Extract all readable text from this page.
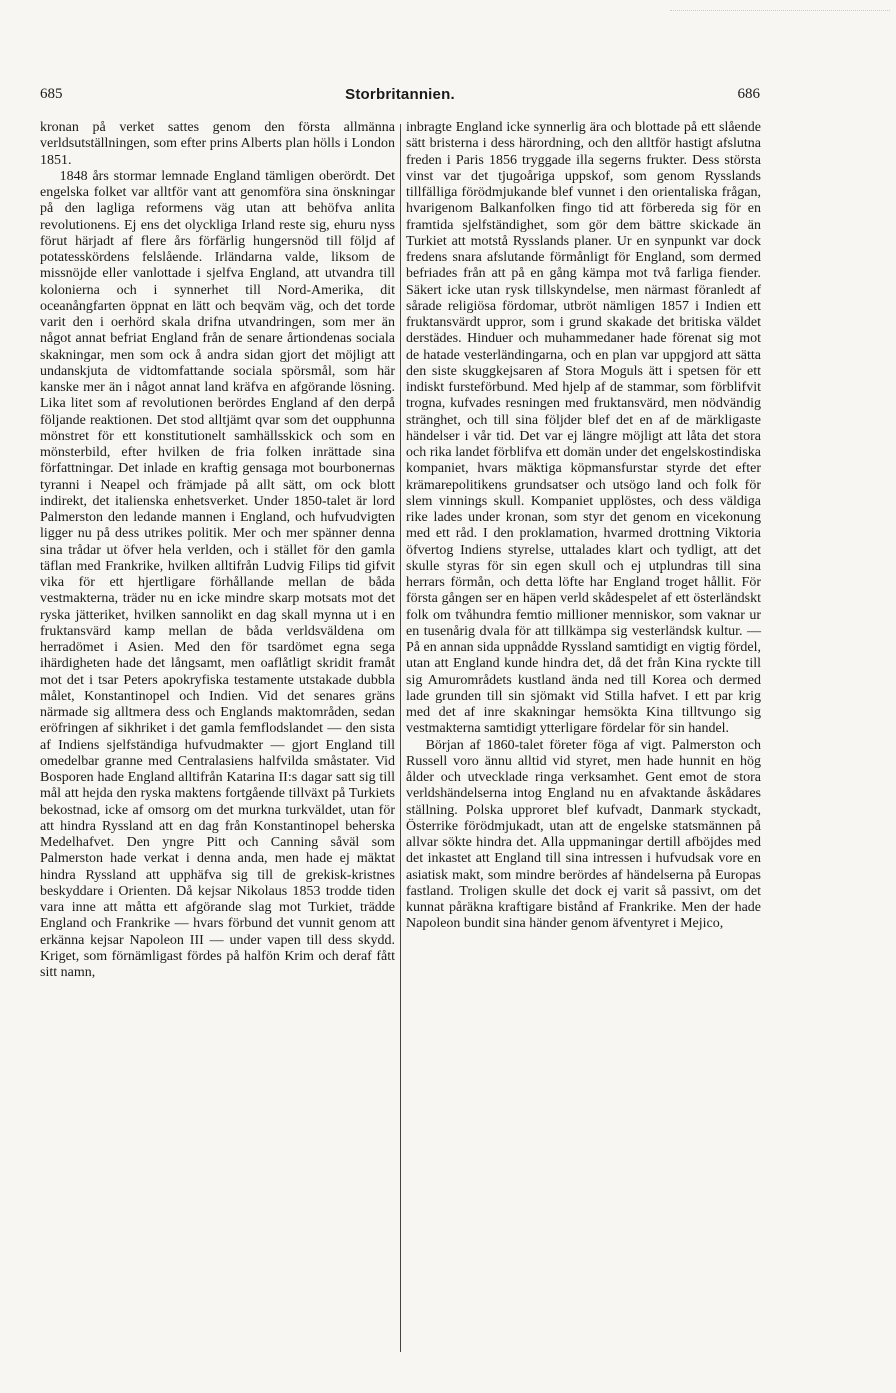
685	Storbritannien.	686

kronan på verket sattes genom den första allmänna verldsutställningen, som efter prins Alberts plan hölls i London 1851.

1848 års stormar lemnade England tämligen oberördt. Det engelska folket var alltför vant att genomföra sina önskningar på den lagliga reformens väg utan att behöfva anlita revolutionens. Ej ens det olyckliga Irland reste sig, ehuru nyss förut härjadt af flere års förfärlig hungersnöd till följd af potatesskördens felslående. Irländarna valde, liksom de missnöjde eller vanlottade i sjelfva England, att utvandra till kolonierna och i synnerhet till Nord-Amerika, dit oceanångfarten öppnat en lätt och beqväm väg, och det torde varit den i oerhörd skala drifna utvandringen, som mer än något annat befriat England från de senare årtiondenas sociala skakningar, men som ock å andra sidan gjort det möjligt att undanskjuta de vidtomfattande sociala spörsmål, som här kanske mer än i något annat land kräfva en afgörande lösning. Lika litet som af revolutionen berördes England af den derpå följande reaktionen. Det stod alltjämt qvar som det oupphunna mönstret för ett konstitutionelt samhällsskick och som en mönsterbild, efter hvilken de fria folken inrättade sina författningar. Det inlade en kraftig gensaga mot bourbonernas tyranni i Neapel och främjade på allt sätt, om ock blott indirekt, det italienska enhetsverket. Under 1850-talet är lord Palmerston den ledande mannen i England, och hufvudvigten ligger nu på dess utrikes politik. Mer och mer spänner denna sina trådar ut öfver hela verlden, och i stället för den gamla täflan med Frankrike, hvilken alltifrån Ludvig Filips tid gifvit vika för ett hjertligare förhållande mellan de båda vestmakterna, träder nu en icke mindre skarp motsats mot det ryska jätteriket, hvilken sannolikt en dag skall mynna ut i en fruktansvärd kamp mellan de båda verldsväldena om herradömet i Asien. Med den för tsardömet egna sega ihärdigheten hade det långsamt, men oaflåtligt skridit framåt mot det i tsar Peters apokryfiska testamente utstakade dubbla målet, Konstantinopel och Indien. Vid det senares gräns närmade sig alltmera dess och Englands maktområden, sedan eröfringen af sikhriket i det gamla femflodslandet — den sista af Indiens sjelfständiga hufvudmakter — gjort England till omedelbar granne med Centralasiens halfvilda småstater. Vid Bosporen hade England alltifrån Katarina II:s dagar satt sig till mål att hejda den ryska maktens fortgående tillväxt på Turkiets bekostnad, icke af omsorg om det murkna turkväldet, utan för att hindra Ryssland att en dag från Konstantinopel beherska Medelhafvet. Den yngre Pitt och Canning såväl som Palmerston hade verkat i denna anda, men hade ej mäktat hindra Ryssland att upphäfva sig till de grekisk-kristnes beskyddare i Orienten. Då kejsar Nikolaus 1853 trodde tiden vara inne att måtta ett afgörande slag mot Turkiet, trädde England och Frankrike — hvars förbund det vunnit genom att erkänna kejsar Napoleon III — under vapen till dess skydd. Kriget, som förnämligast fördes på halfön Krim och deraf fått sitt namn,

inbragte England icke synnerlig ära och blottade på ett slående sätt bristerna i dess härordning, och den alltför hastigt afslutna freden i Paris 1856 tryggade illa segerns frukter. Dess största vinst var det tjugoåriga uppskof, som genom Rysslands tillfälliga förödmjukande blef vunnet i den orientaliska frågan, hvarigenom Balkanfolken fingo tid att förbereda sig för en framtida sjelfständighet, som gör dem bättre skickade än Turkiet att motstå Rysslands planer. Ur en synpunkt var dock fredens snara afslutande förmånligt för England, som dermed befriades från att på en gång kämpa mot två farliga fiender. Säkert icke utan rysk tillskyndelse, men närmast föranledt af sårade religiösa fördomar, utbröt nämligen 1857 i Indien ett fruktansvärdt uppror, som i grund skakade det britiska väldet derstädes. Hinduer och muhammedaner hade förenat sig mot de hatade vesterländingarna, och en plan var uppgjord att sätta den siste skuggkejsaren af Stora Moguls ätt i spetsen för ett indiskt fursteförbund. Med hjelp af de stammar, som förblifvit trogna, kufvades resningen med fruktansvärd, men nödvändig stränghet, och till sina följder blef det en af de märkligaste händelser i vår tid. Det var ej längre möjligt att låta det stora och rika landet förblifva ett domän under det engelskostindiska kompaniet, hvars mäktiga köpmansfurstar styrde det efter krämarepolitikens grundsatser och utsögo land och folk för slem vinnings skull. Kompaniet upplöstes, och dess väldiga rike lades under kronan, som styr det genom en vicekonung med ett råd. I den proklamation, hvarmed drottning Viktoria öfvertog Indiens styrelse, uttalades klart och tydligt, att det skulle styras för sin egen skull och ej utplundras till sina herrars förmån, och detta löfte har England troget hållit. För första gången ser en häpen verld skådespelet af ett österländskt folk om tvåhundra femtio millioner menniskor, som vaknar ur en tusenårig dvala för att tillkämpa sig vesterländsk kultur. — På en annan sida uppnådde Ryssland samtidigt en vigtig fördel, utan att England kunde hindra det, då det från Kina ryckte till sig Amurområdets kustland ända ned till Korea och dermed lade grunden till sin sjömakt vid Stilla hafvet. I ett par krig med det af inre skakningar hemsökta Kina tilltvungo sig vestmakterna samtidigt ytterligare fördelar för sin handel.

Början af 1860-talet företer föga af vigt. Palmerston och Russell voro ännu alltid vid styret, men hade hunnit en hög ålder och utvecklade ringa verksamhet. Gent emot de stora verldshändelserna intog England nu en afvaktande åskådares ställning. Polska upproret blef kufvadt, Danmark styckadt, Österrike förödmjukadt, utan att de engelske statsmännen på allvar sökte hindra det. Alla uppmaningar dertill afböjdes med det inkastet att England till sina intressen i hufvudsak vore en asiatisk makt, som mindre berördes af händelserna på Europas fastland. Troligen skulle det dock ej varit så passivt, om det kunnat påräkna kraftigare bistånd af Frankrike. Men der hade Napoleon bundit sina händer genom äfventyret i Mejico,
